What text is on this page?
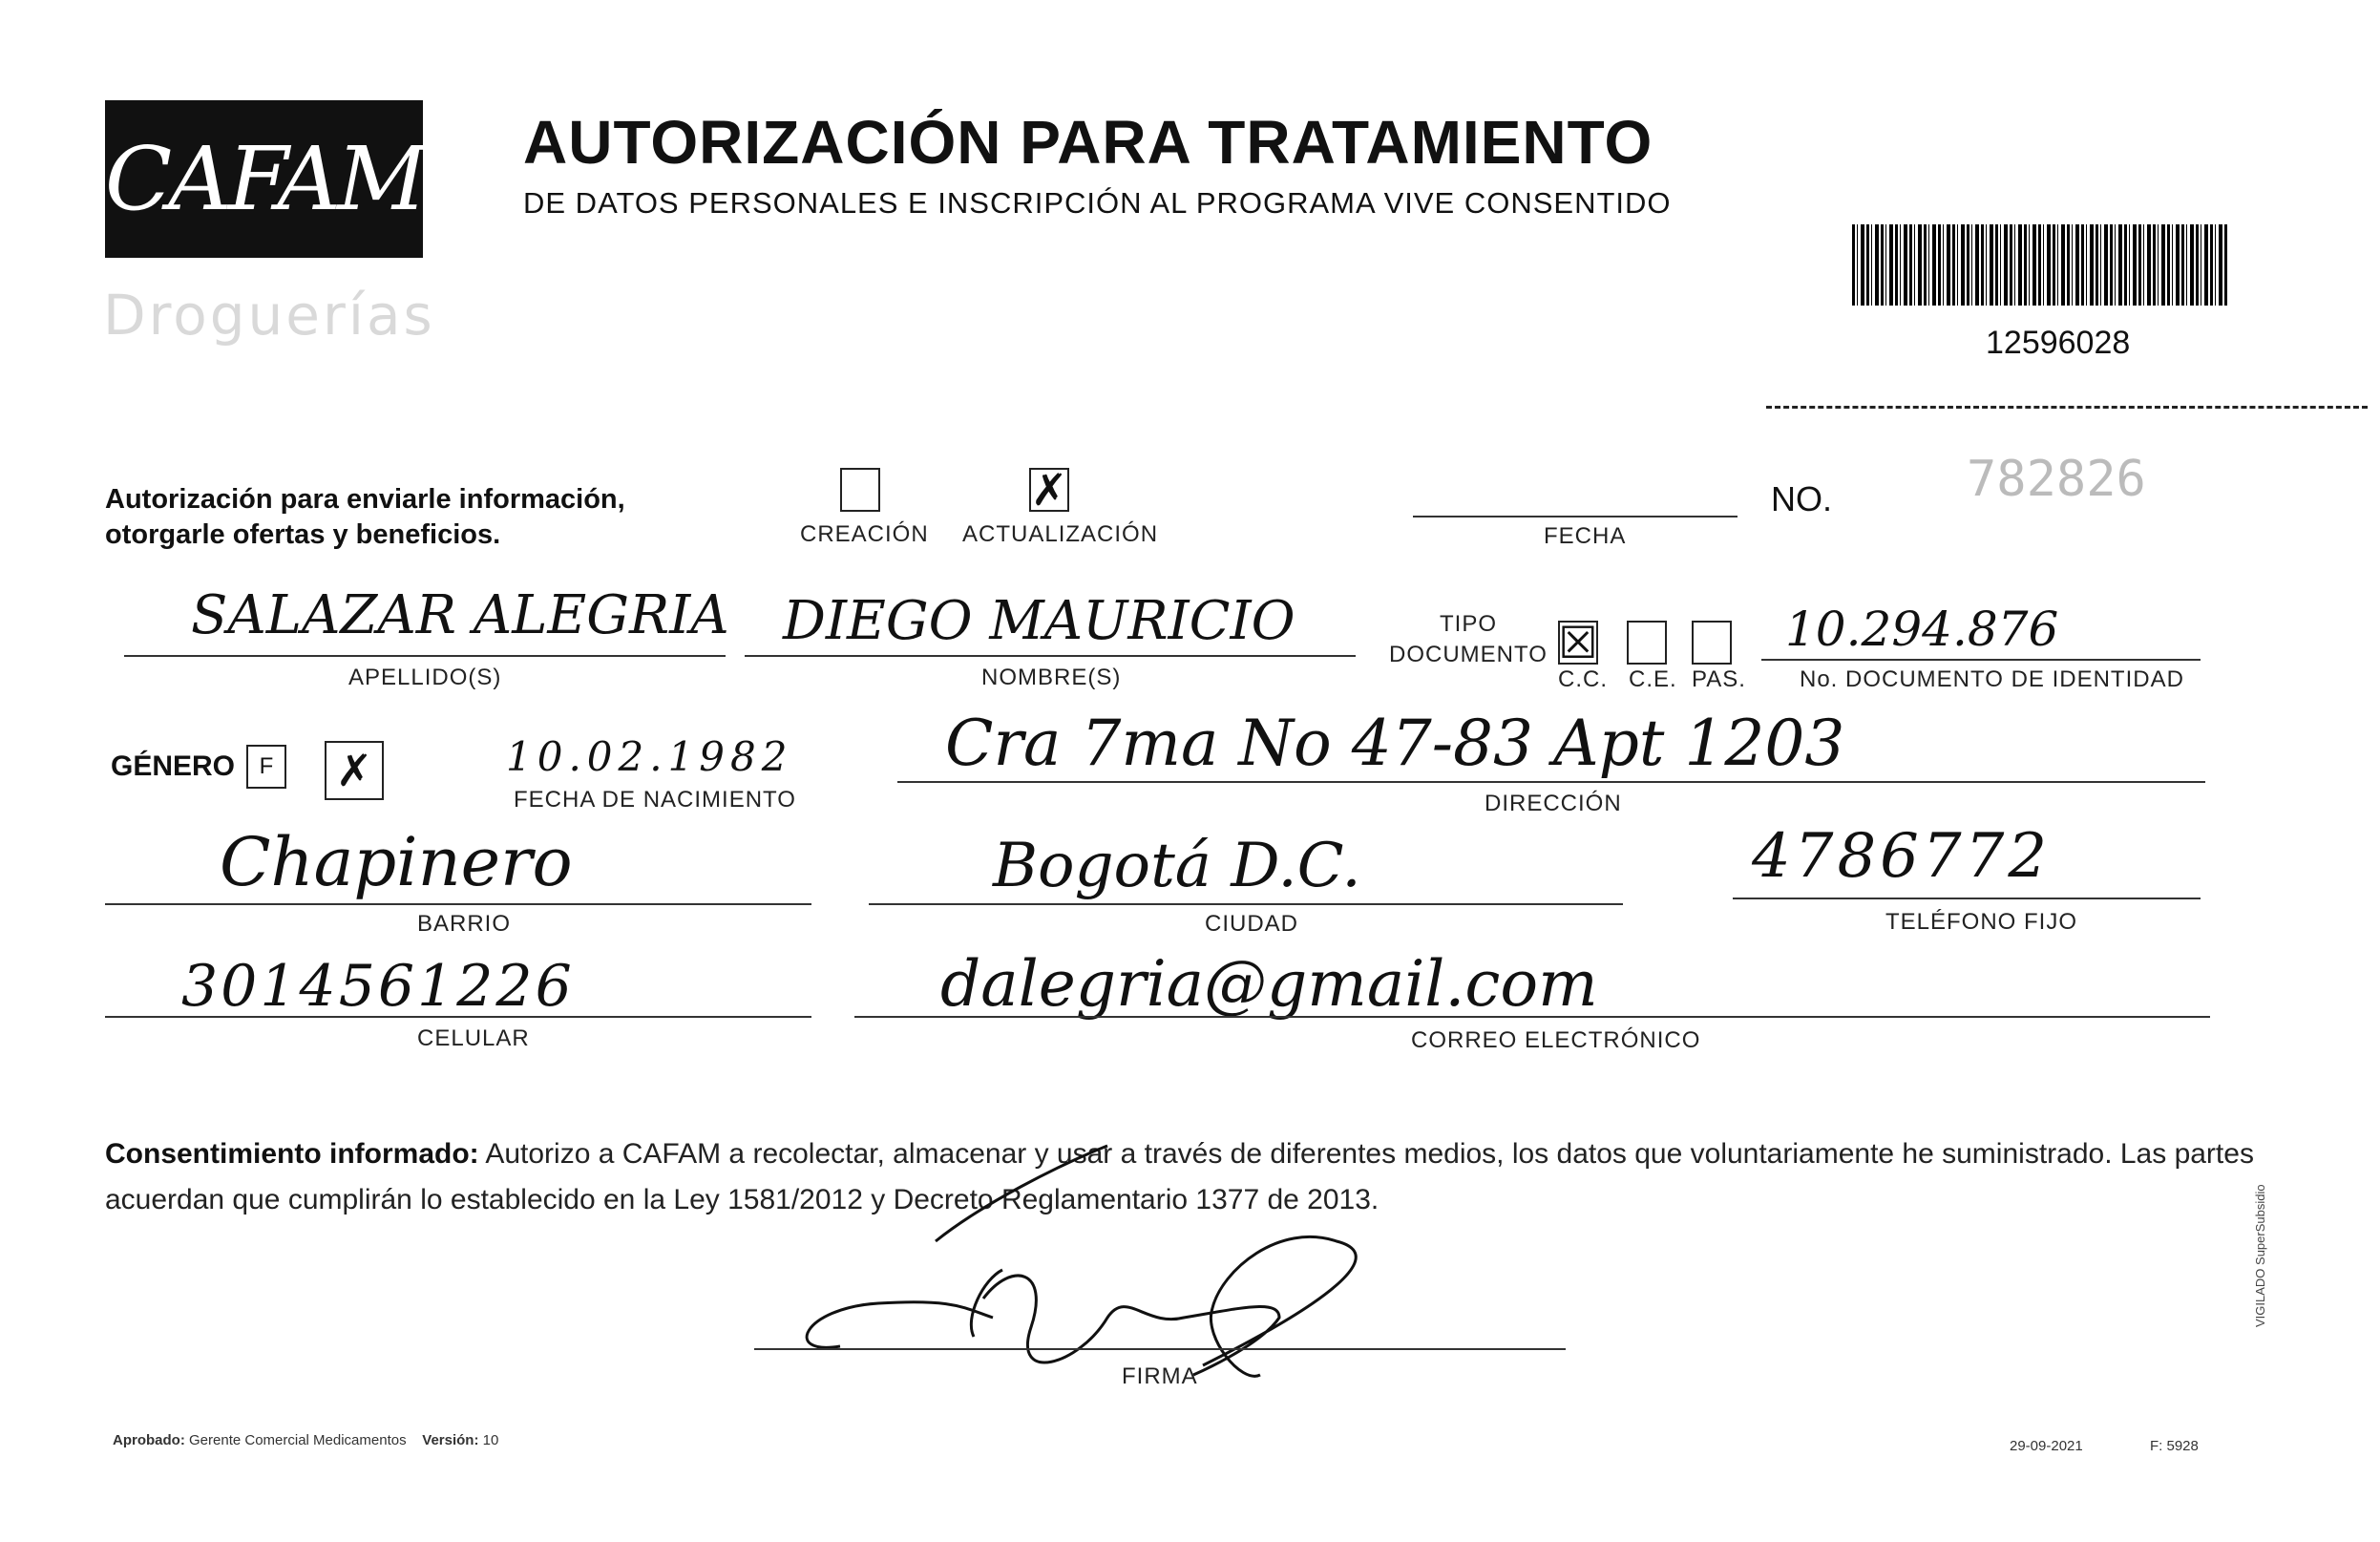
CAFAM
Droguerías
AUTORIZACIÓN PARA TRATAMIENTO
DE DATOS PERSONALES E INSCRIPCIÓN AL PROGRAMA VIVE CONSENTIDO
12596028
Autorización para enviarle información,
otorgarle ofertas y beneficios.	CREACIÓN
✗
ACTUALIZACIÓN	FECHA
NO.	782826
SALAZAR ALEGRIA
APELLIDO(S)
DIEGO MAURICIO
NOMBRE(S)
TIPO
DOCUMENTO ☒
C.C. C.E. PAS.
10.294.876
No. DOCUMENTO DE IDENTIDAD
GÉNERO F ✗	10.02.1982
FECHA DE NACIMIENTO
Cra 7ma No 47-83 Apt 1203
DIRECCIÓN
Chapinero
BARRIO
Bogotá D.C.
CIUDAD
4786772
TELÉFONO FIJO
3014561226
CELULAR
dalegria@gmail.com
CORREO ELECTRÓNICO
Consentimiento informado: Autorizo a CAFAM a recolectar, almacenar y usar a través de diferentes medios, los datos que voluntariamente he suministrado. Las partes acuerdan que cumplirán lo establecido en la Ley 1581/2012 y Decreto Reglamentario 1377 de 2013.
FIRMA
Aprobado: Gerente Comercial Medicamentos Versión: 10	29-09-2021	F: 5928
VIGILADO SuperSubsidio
